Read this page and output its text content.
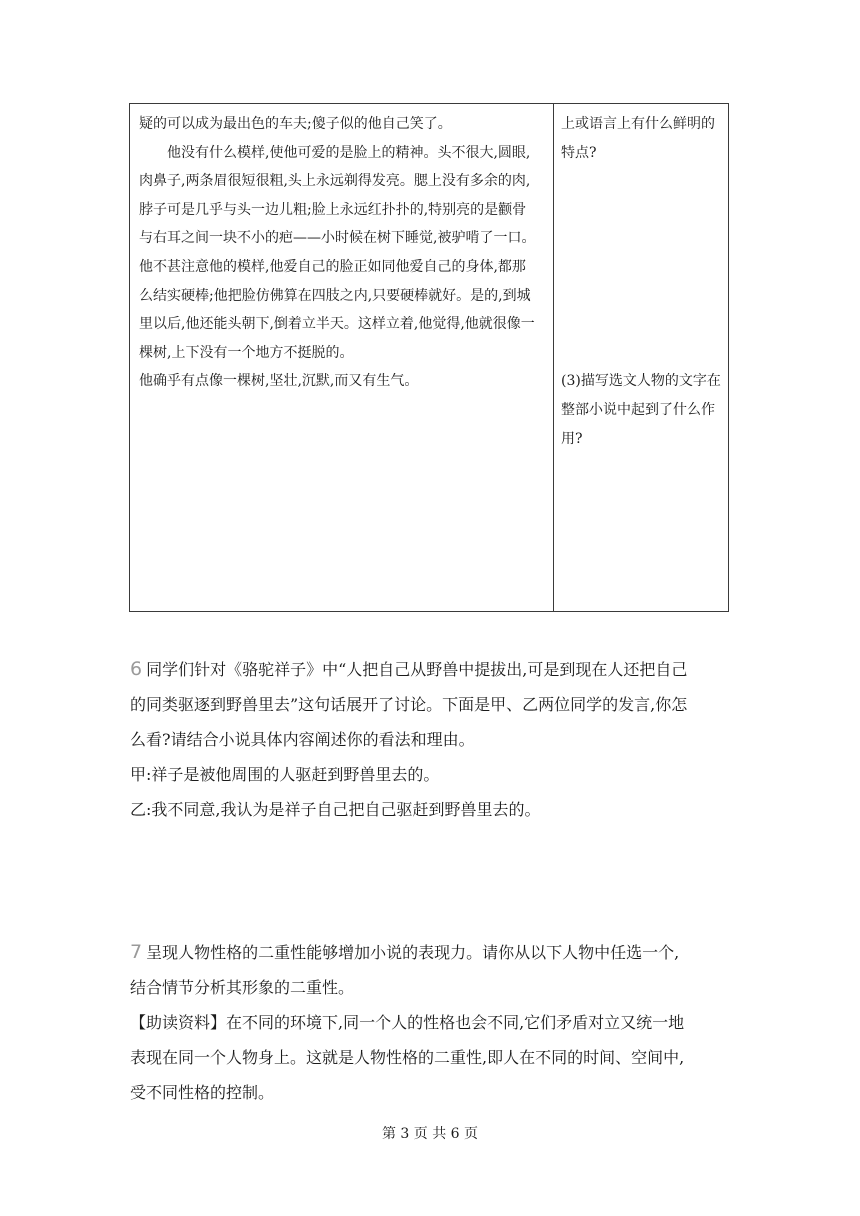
疑的可以成为最出色的车夫;傻子似的他自己笑了。

他没有什么模样,使他可爱的是脸上的精神。头不很大,圆眼,

肉鼻子,两条眉很短很粗,头上永远剃得发亮。腮上没有多余的肉,

脖子可是几乎与头一边儿粗;脸上永远红扑扑的,特别亮的是颧骨

与右耳之间一块不小的疤——小时候在树下睡觉,被驴啃了一口。

他不甚注意他的模样,他爱自己的脸正如同他爱自己的身体,都那

么结实硬棒;他把脸仿佛算在四肢之内,只要硬棒就好。是的,到城

里以后,他还能头朝下,倒着立半天。这样立着,他觉得,他就很像一

棵树,上下没有一个地方不挺脱的。

他确乎有点像一棵树,坚壮,沉默,而又有生气。

上或语言上有什么鲜明的

特点?

(3)描写选文人物的文字在

整部小说中起到了什么作

用?

6 同学们针对《骆驼祥子》中“人把自己从野兽中提拔出,可是到现在人还把自己

的同类驱逐到野兽里去”这句话展开了讨论。下面是甲、乙两位同学的发言,你怎

么看?请结合小说具体内容阐述你的看法和理由。

甲:祥子是被他周围的人驱赶到野兽里去的。

乙:我不同意,我认为是祥子自己把自己驱赶到野兽里去的。

7 呈现人物性格的二重性能够增加小说的表现力。请你从以下人物中任选一个,

结合情节分析其形象的二重性。

【助读资料】在不同的环境下,同一个人的性格也会不同,它们矛盾对立又统一地

表现在同一个人物身上。这就是人物性格的二重性,即人在不同的时间、空间中,

受不同性格的控制。

第 3 页 共 6 页
